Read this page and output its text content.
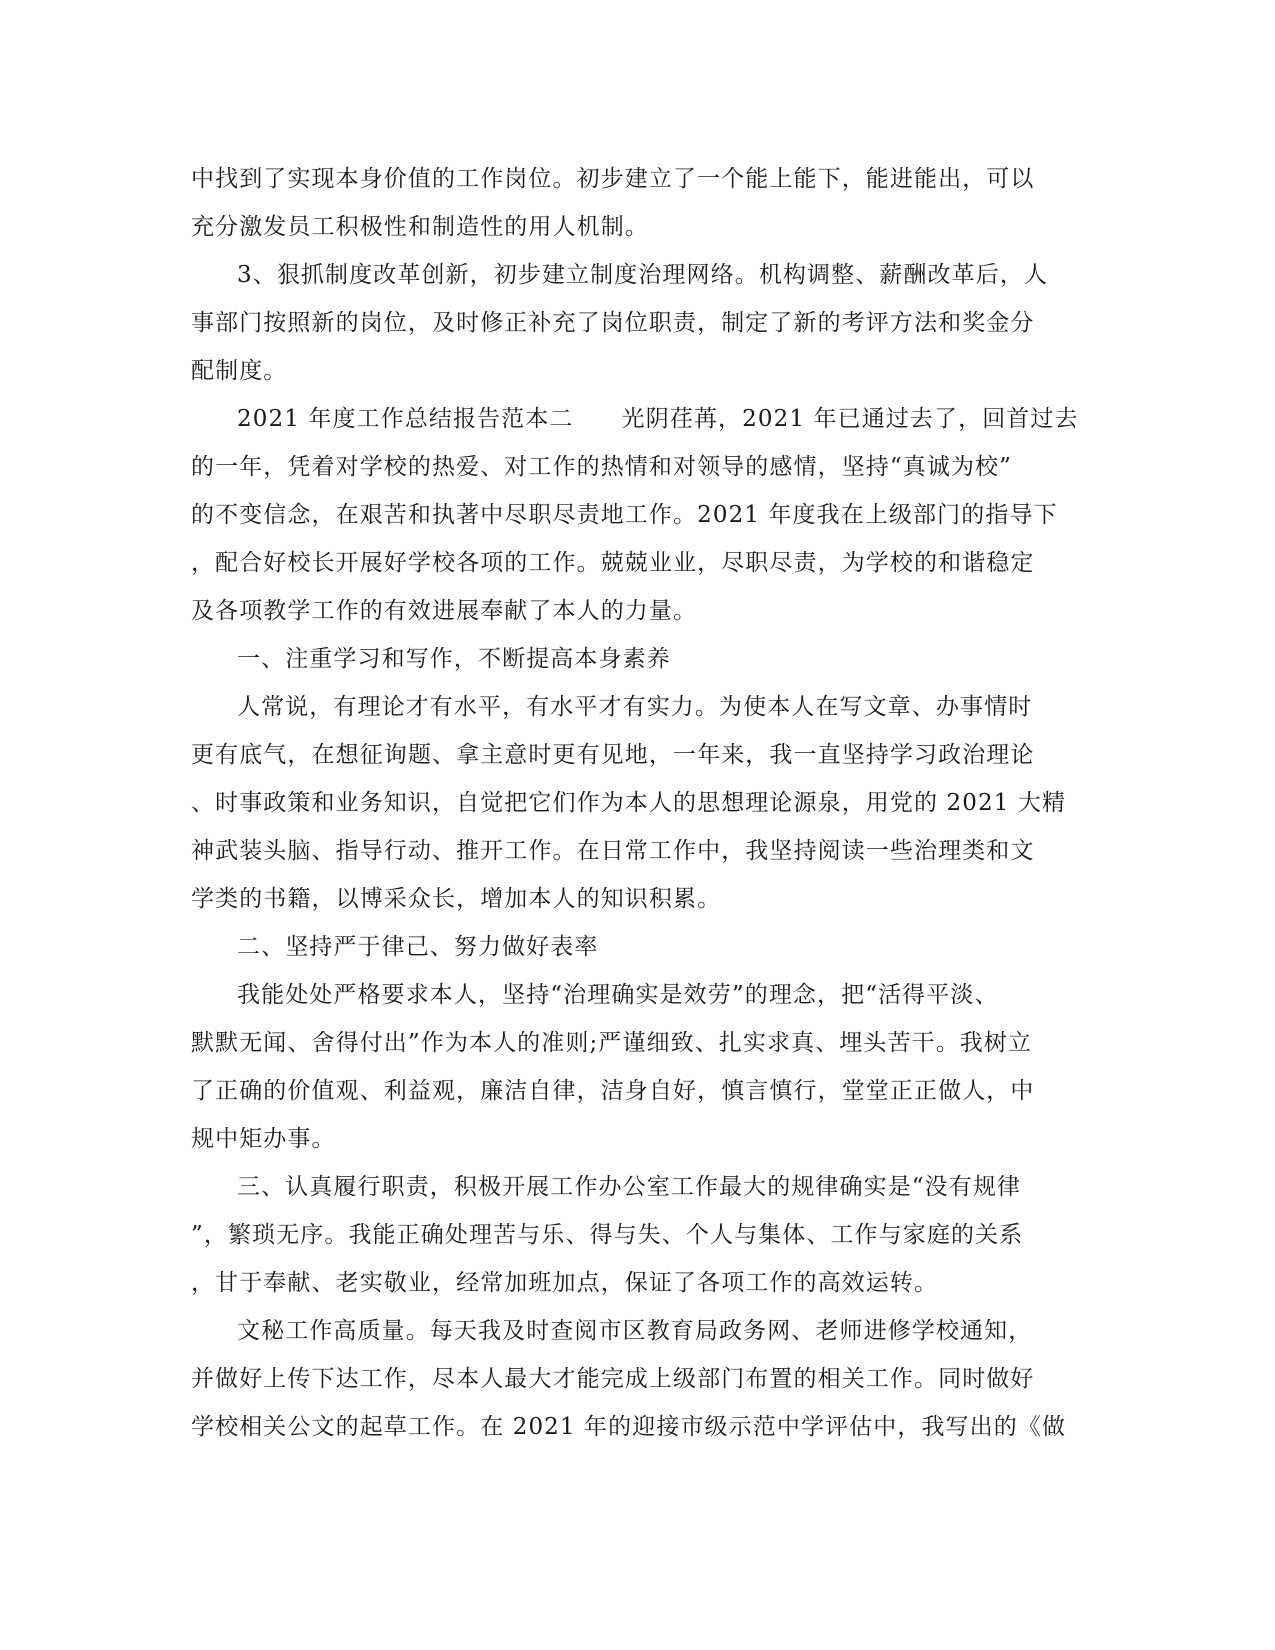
中找到了实现本身价值的工作岗位。初步建立了一个能上能下，能进能出，可以
充分激发员工积极性和制造性的用人机制。
3、狠抓制度改革创新，初步建立制度治理网络。机构调整、薪酬改革后，人
事部门按照新的岗位，及时修正补充了岗位职责，制定了新的考评方法和奖金分
配制度。
2021 年度工作总结报告范本二　　光阴荏苒，2021 年已通过去了，回首过去
的一年，凭着对学校的热爱、对工作的热情和对领导的感情，坚持“真诚为校”
的不变信念，在艰苦和执著中尽职尽责地工作。2021 年度我在上级部门的指导下
，配合好校长开展好学校各项的工作。兢兢业业，尽职尽责，为学校的和谐稳定
及各项教学工作的有效进展奉献了本人的力量。
一、注重学习和写作，不断提高本身素养
人常说，有理论才有水平，有水平才有实力。为使本人在写文章、办事情时
更有底气，在想征询题、拿主意时更有见地，一年来，我一直坚持学习政治理论
、时事政策和业务知识，自觉把它们作为本人的思想理论源泉，用党的 2021 大精
神武装头脑、指导行动、推开工作。在日常工作中，我坚持阅读一些治理类和文
学类的书籍，以博采众长，增加本人的知识积累。
二、坚持严于律己、努力做好表率
我能处处严格要求本人，坚持“治理确实是效劳”的理念，把“活得平淡、
默默无闻、舍得付出”作为本人的准则;严谨细致、扎实求真、埋头苦干。我树立
了正确的价值观、利益观，廉洁自律，洁身自好，慎言慎行，堂堂正正做人，中
规中矩办事。
三、认真履行职责，积极开展工作办公室工作最大的规律确实是“没有规律
”，繁琐无序。我能正确处理苦与乐、得与失、个人与集体、工作与家庭的关系
，甘于奉献、老实敬业，经常加班加点，保证了各项工作的高效运转。
文秘工作高质量。每天我及时查阅市区教育局政务网、老师进修学校通知，
并做好上传下达工作，尽本人最大才能完成上级部门布置的相关工作。同时做好
学校相关公文的起草工作。在 2021 年的迎接市级示范中学评估中，我写出的《做
